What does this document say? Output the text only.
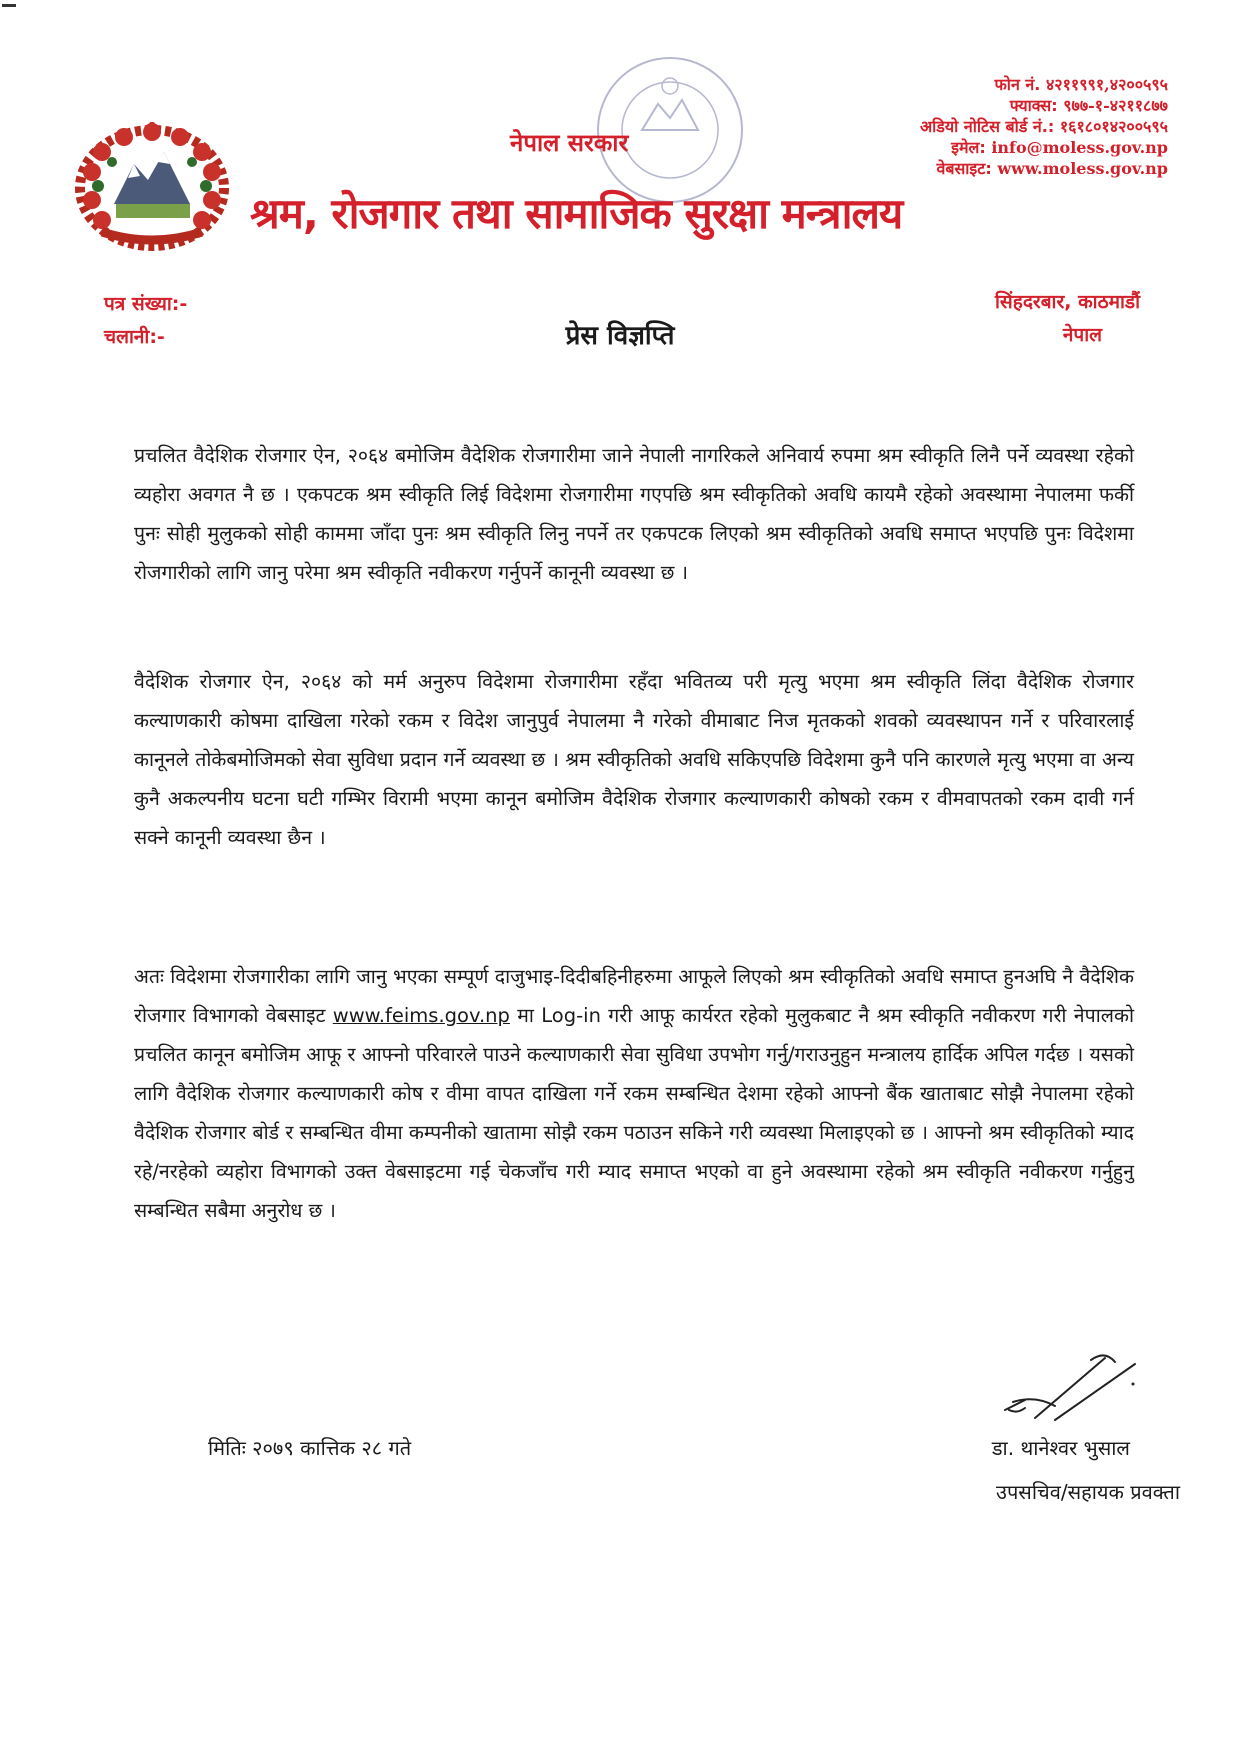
नेपाल सरकार
श्रम, रोजगार तथा सामाजिक सुरक्षा मन्त्रालय
फोन नं. ४२११९९१,४२००५९५
फ्याक्स: ९७७-१-४२११८७७
अडियो नोटिस बोर्ड नं.: १६१८०१४२००५९५
इमेल: info@moless.gov.np
वेबसाइट: www.moless.gov.np
पत्र संख्या:-
चलानी:-
सिंहदरबार, काठमाडौं
नेपाल
प्रेस विज्ञप्ति

प्रचलित वैदेशिक रोजगार ऐन, २०६४ बमोजिम वैदेशिक रोजगारीमा जाने नेपाली नागरिकले अनिवार्य रुपमा श्रम स्वीकृति लिनै पर्ने व्यवस्था रहेको व्यहोरा अवगत नै छ । एकपटक श्रम स्वीकृति लिई विदेशमा रोजगारीमा गएपछि श्रम स्वीकृतिको अवधि कायमै रहेको अवस्थामा नेपालमा फर्की पुनः सोही मुलुकको सोही काममा जाँदा पुनः श्रम स्वीकृति लिनु नपर्ने तर एकपटक लिएको श्रम स्वीकृतिको अवधि समाप्त भएपछि पुनः विदेशमा रोजगारीको लागि जानु परेमा श्रम स्वीकृति नवीकरण गर्नुपर्ने कानूनी व्यवस्था छ ।

वैदेशिक रोजगार ऐन, २०६४ को मर्म अनुरुप विदेशमा रोजगारीमा रहँदा भवितव्य परी मृत्यु भएमा श्रम स्वीकृति लिंदा वैदेशिक रोजगार कल्याणकारी कोषमा दाखिला गरेको रकम र विदेश जानुपुर्व नेपालमा नै गरेको वीमाबाट निज मृतकको शवको व्यवस्थापन गर्ने र परिवारलाई कानूनले तोकेबमोजिमको सेवा सुविधा प्रदान गर्ने व्यवस्था छ । श्रम स्वीकृतिको अवधि सकिएपछि विदेशमा कुनै पनि कारणले मृत्यु भएमा वा अन्य कुनै अकल्पनीय घटना घटी गम्भिर विरामी भएमा कानून बमोजिम वैदेशिक रोजगार कल्याणकारी कोषको रकम र वीमवापतको रकम दावी गर्न सक्ने कानूनी व्यवस्था छैन ।

अतः विदेशमा रोजगारीका लागि जानु भएका सम्पूर्ण दाजुभाइ-दिदीबहिनीहरुमा आफूले लिएको श्रम स्वीकृतिको अवधि समाप्त हुनअघि नै वैदेशिक रोजगार विभागको वेबसाइट www.feims.gov.np मा Log-in गरी आफू कार्यरत रहेको मुलुकबाट नै श्रम स्वीकृति नवीकरण गरी नेपालको प्रचलित कानून बमोजिम आफू र आफ्नो परिवारले पाउने कल्याणकारी सेवा सुविधा उपभोग गर्नु/गराउनुहुन मन्त्रालय हार्दिक अपिल गर्दछ । यसको लागि वैदेशिक रोजगार कल्याणकारी कोष र वीमा वापत दाखिला गर्ने रकम सम्बन्धित देशमा रहेको आफ्नो बैंक खाताबाट सोझै नेपालमा रहेको वैदेशिक रोजगार बोर्ड र सम्बन्धित वीमा कम्पनीको खातामा सोझै रकम पठाउन सकिने गरी व्यवस्था मिलाइएको छ । आफ्नो श्रम स्वीकृतिको म्याद रहे/नरहेको व्यहोरा विभागको उक्त वेबसाइटमा गई चेकजाँच गरी म्याद समाप्त भएको वा हुने अवस्थामा रहेको श्रम स्वीकृति नवीकरण गर्नुहुनु सम्बन्धित सबैमा अनुरोध छ ।

मितिः २०७९ कात्तिक २८ गते	डा. थानेश्वर भुसाल
उपसचिव/सहायक प्रवक्ता
